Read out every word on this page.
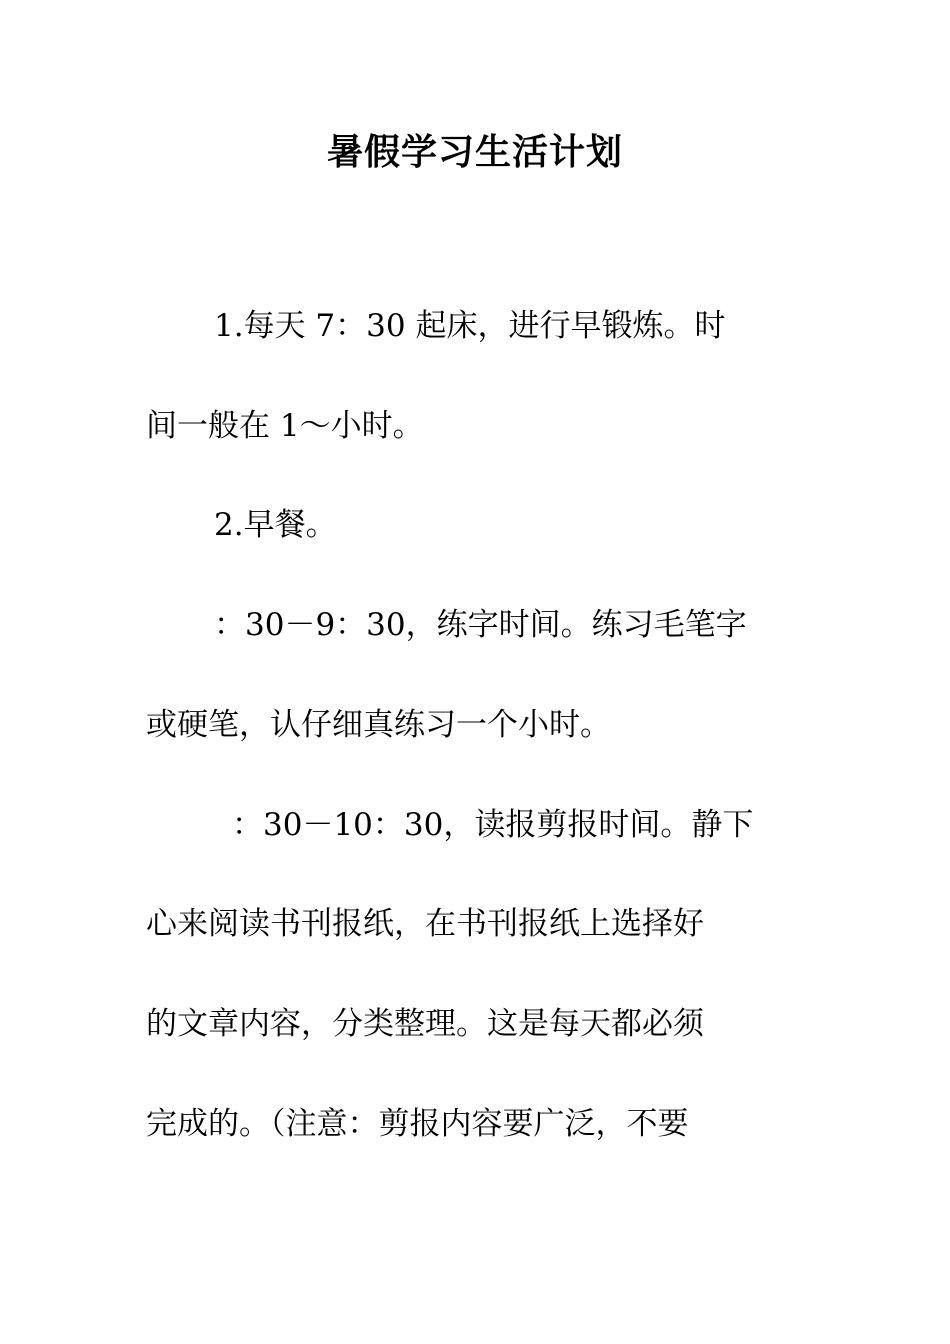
暑假学习生活计划

1.每天 7：30 起床，进行早锻炼。时

间一般在 1～小时。

2.早餐。

：30－9：30，练字时间。练习毛笔字

或硬笔，认仔细真练习一个小时。

：30－10：30，读报剪报时间。静下

心来阅读书刊报纸，在书刊报纸上选择好

的文章内容，分类整理。这是每天都必须

完成的。（注意：剪报内容要广泛，不要
